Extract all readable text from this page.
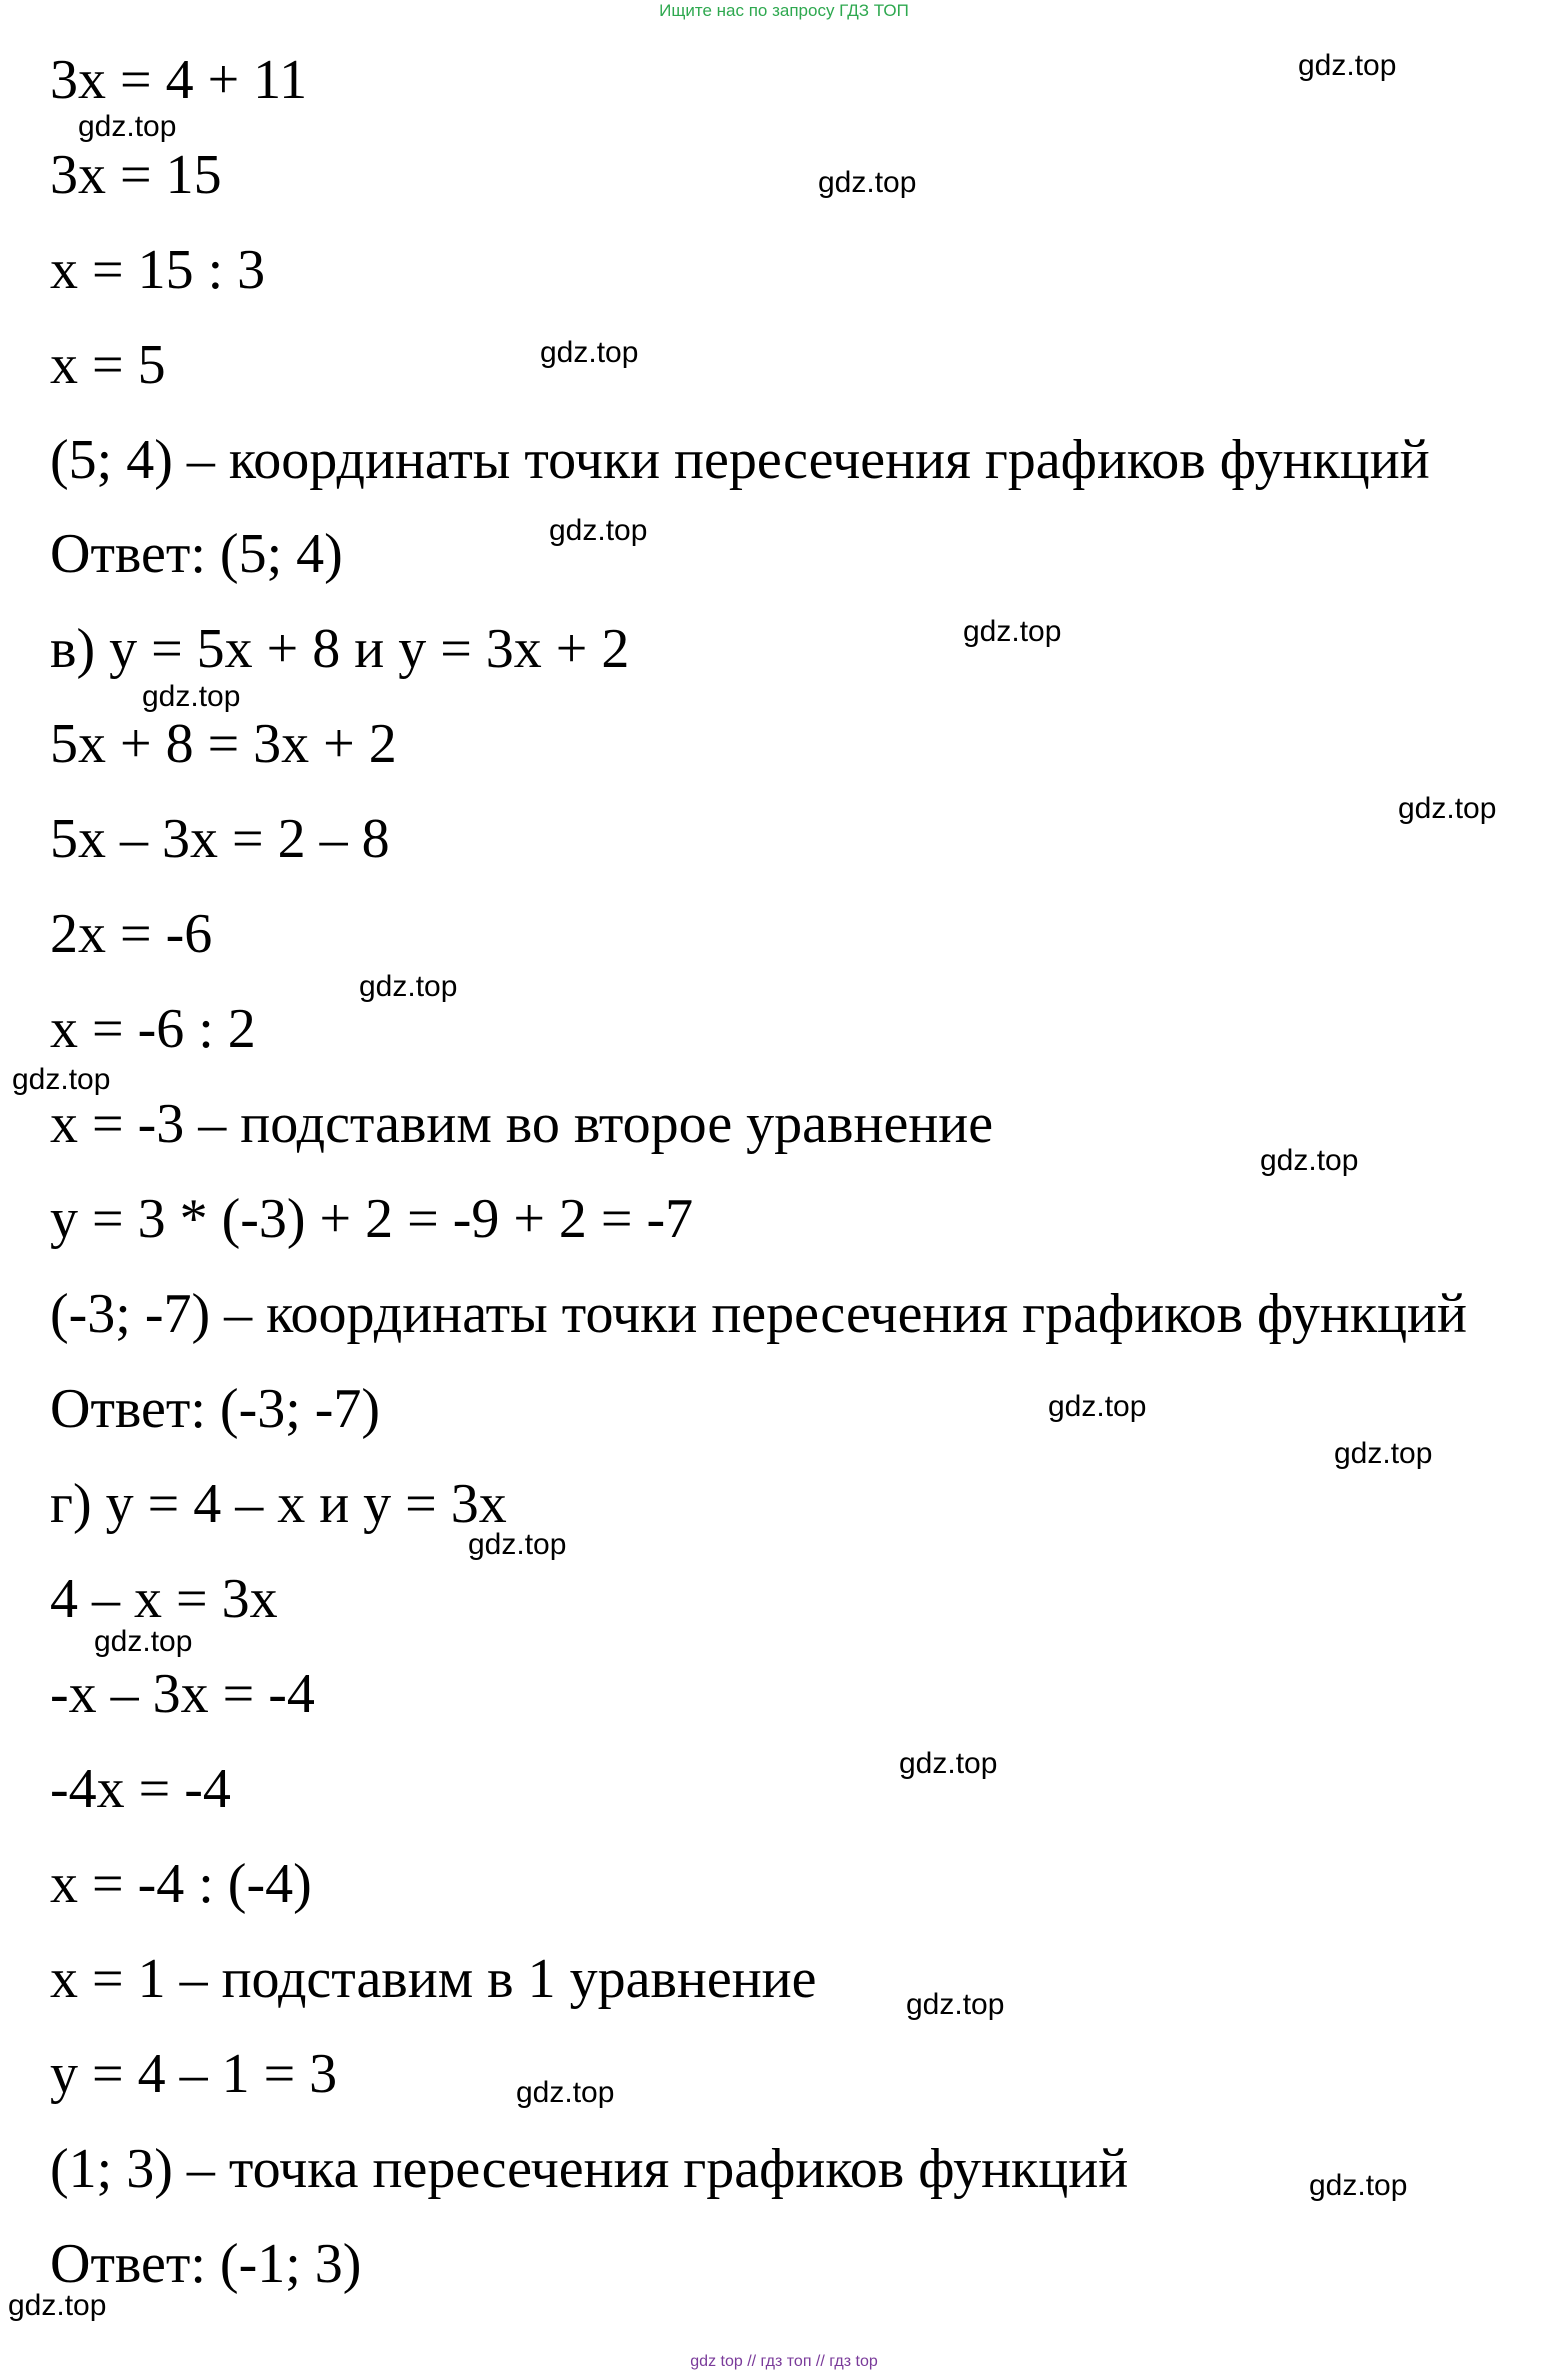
Ищите нас по запросу ГДЗ ТОП
3x = 4 + 11
3x = 15
x = 15 : 3
x = 5
(5; 4) – координаты точки пересечения графиков функций
Ответ: (5; 4)
в) y = 5x + 8 и y = 3x + 2
5x + 8 = 3x + 2
5x – 3x = 2 – 8
2x = -6
x = -6 : 2
x = -3 – подставим во второе уравнение
y = 3 * (-3) + 2 = -9 + 2 = -7
(-3; -7) – координаты точки пересечения графиков функций
Ответ: (-3; -7)
г) y = 4 – x и y = 3x
4 – x = 3x
-x – 3x = -4
-4x = -4
x = -4 : (-4)
x = 1 – подставим в 1 уравнение
y = 4 – 1 = 3
(1; 3) – точка пересечения графиков функций
Ответ: (-1; 3)
gdz.top
gdz.top
gdz.top
gdz.top
gdz.top
gdz.top
gdz.top
gdz.top
gdz.top
gdz.top
gdz.top
gdz.top
gdz.top
gdz.top
gdz.top
gdz.top
gdz.top
gdz.top
gdz.top
gdz.top
gdz top // гдз топ // гдз top
